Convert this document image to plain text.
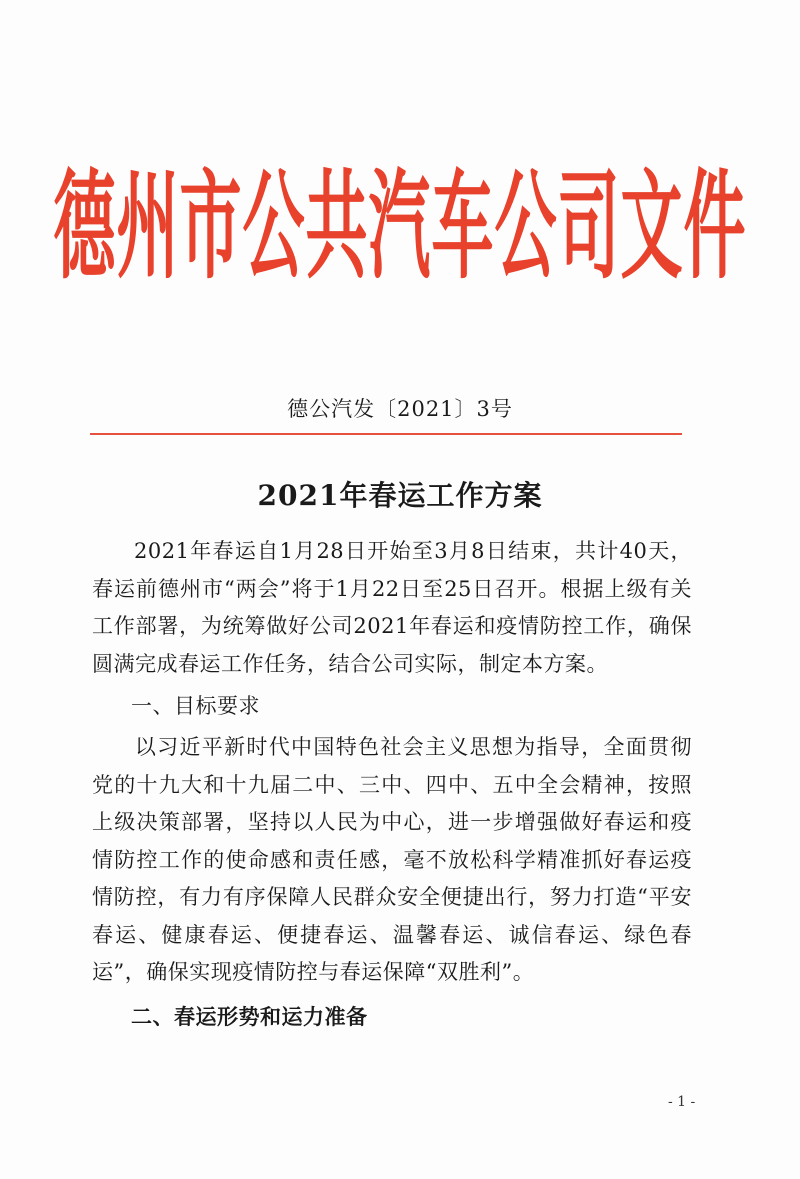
德州市公共汽车公司文件
德公汽发〔2021〕3号
2021年春运工作方案
2021年春运自1月28日开始至3月8日结束，共计40天，春运前德州市“两会”将于1月22日至25日召开。根据上级有关工作部署，为统筹做好公司2021年春运和疫情防控工作，确保圆满完成春运工作任务，结合公司实际，制定本方案。
一、目标要求
以习近平新时代中国特色社会主义思想为指导，全面贯彻党的十九大和十九届二中、三中、四中、五中全会精神，按照上级决策部署，坚持以人民为中心，进一步增强做好春运和疫情防控工作的使命感和责任感，毫不放松科学精准抓好春运疫情防控，有力有序保障人民群众安全便捷出行，努力打造“平安春运、健康春运、便捷春运、温馨春运、诚信春运、绿色春运”，确保实现疫情防控与春运保障“双胜利”。
二、春运形势和运力准备
- 1 -
